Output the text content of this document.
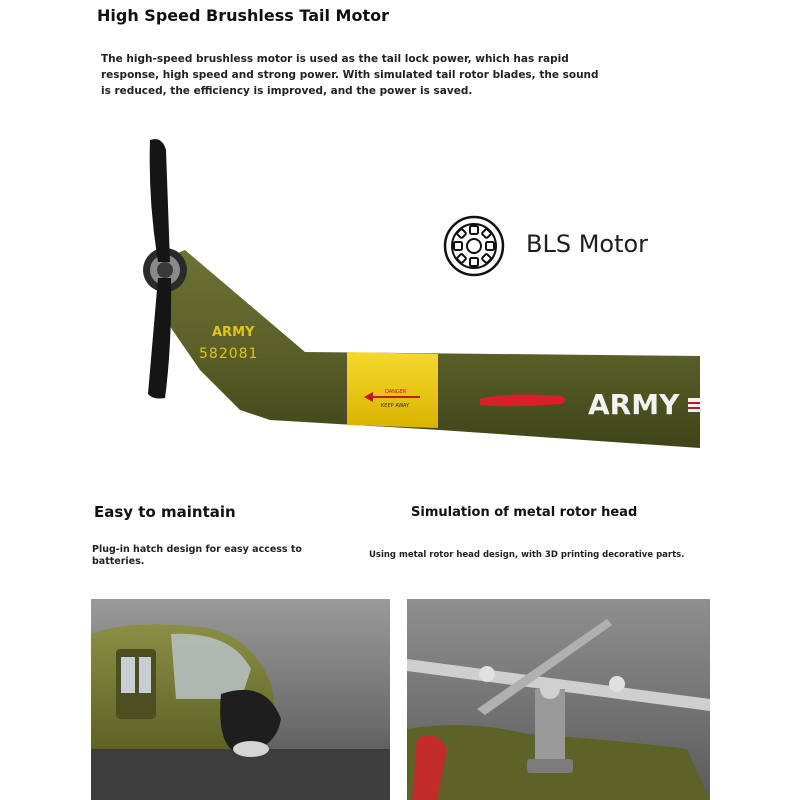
High Speed Brushless Tail Motor
The high-speed brushless motor is used as the tail lock power, which has rapid response, high speed and strong power. With simulated tail rotor blades, the sound is reduced, the efficiency is improved, and the power is saved.
DANGER
KEEP AWAY
ARMY
582081
ARMY
BLS Motor
Easy to maintain
Plug-in hatch design for easy access to batteries.
Simulation of metal rotor head
Using metal rotor head design, with 3D printing decorative parts.
